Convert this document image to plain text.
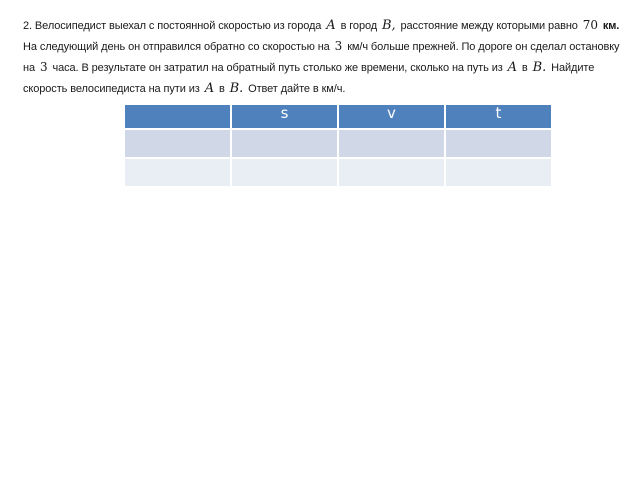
2. Велосипедист выехал с постоянной скоростью из города A в город B, расстояние между которыми равно 70 км.
На следующий день он отправился обратно со скоростью на 3 км/ч больше прежней. По дороге он сделал остановку
на 3 часа. В результате он затратил на обратный путь столько же времени, сколько на путь из A в B. Найдите
скорость велосипедиста на пути из A в B. Ответ дайте в км/ч.
	s	v	t
